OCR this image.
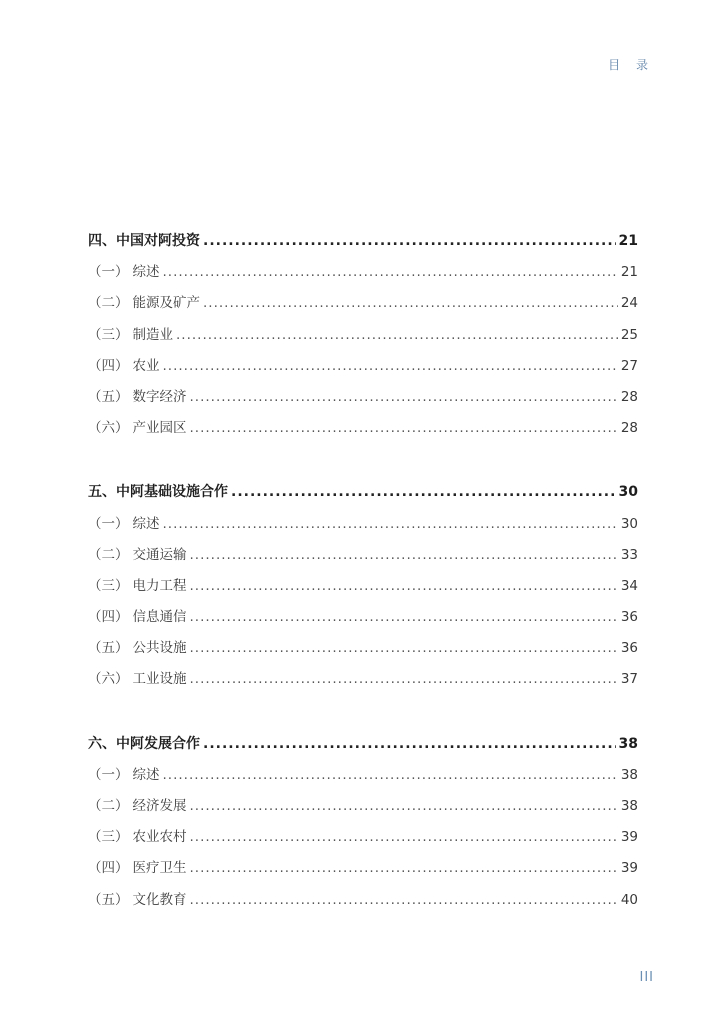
目 录
四、中国对阿投资 .....	21
（一） 综述 .....	21
（二） 能源及矿产 .....	24
（三） 制造业 .....	25
（四） 农业 .....	27
（五） 数字经济 .....	28
（六） 产业园区 .....	28
五、中阿基础设施合作 .....	30
（一） 综述 .....	30
（二） 交通运输 .....	33
（三） 电力工程 .....	34
（四） 信息通信 .....	36
（五） 公共设施 .....	36
（六） 工业设施 .....	37
六、中阿发展合作 .....	38
（一） 综述 .....	38
（二） 经济发展 .....	38
（三） 农业农村 .....	39
（四） 医疗卫生 .....	39
（五） 文化教育 .....	40
III
